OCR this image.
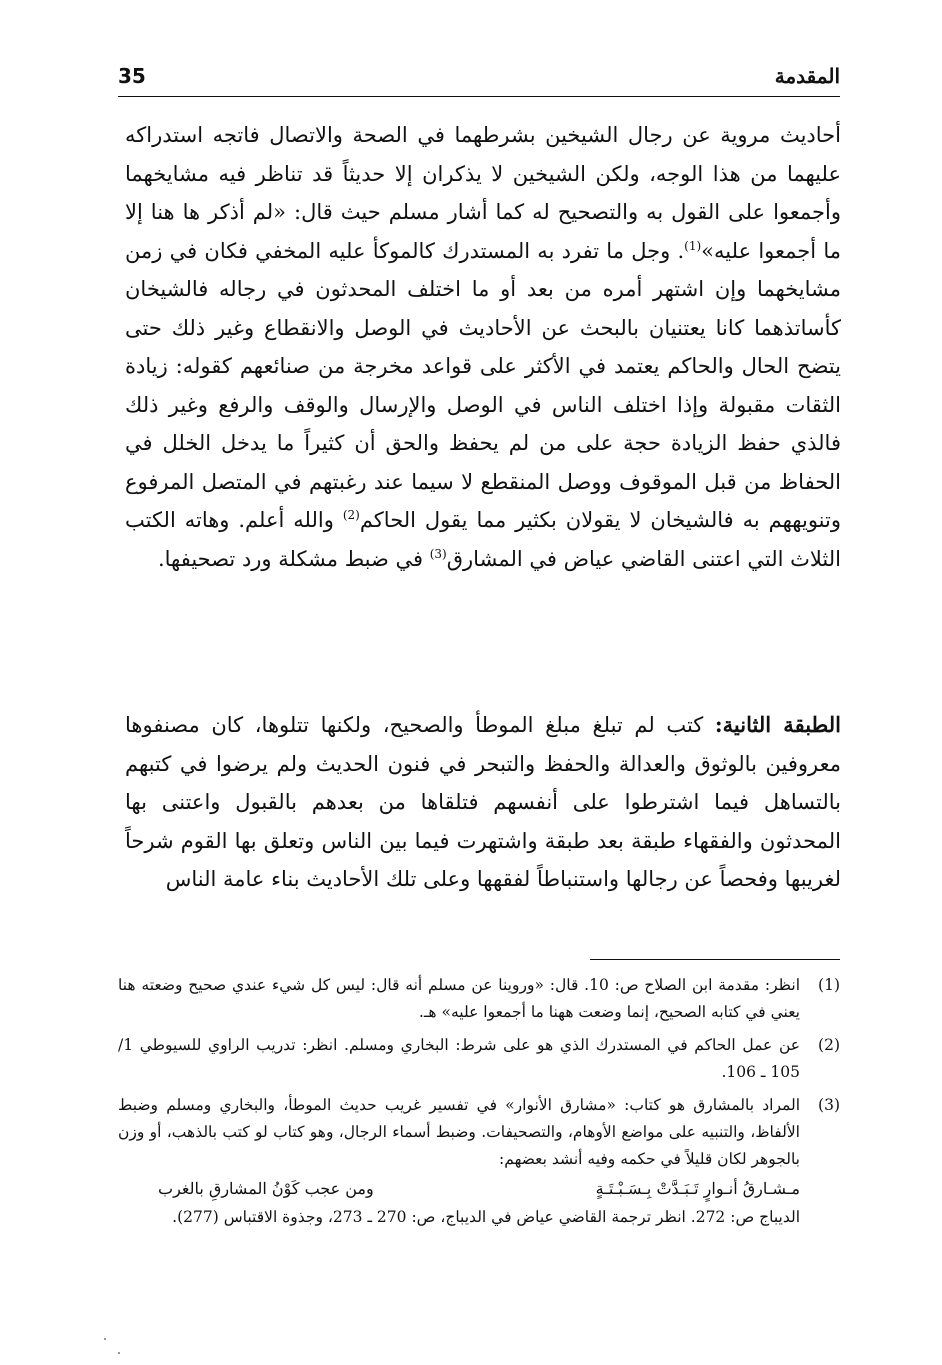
35	المقدمة
أحاديث مروية عن رجال الشيخين بشرطهما في الصحة والاتصال فاتجه استدراكه عليهما من هذا الوجه، ولكن الشيخين لا يذكران إلا حديثاً قد تناظر فيه مشايخهما وأجمعوا على القول به والتصحيح له كما أشار مسلم حيث قال: «لم أذكر ها هنا إلا ما أجمعوا عليه»$^{(1)}$. وجل ما تفرد به المستدرك كالموكأ عليه المخفي فكان في زمن مشايخهما وإن اشتهر أمره من بعد أو ما اختلف المحدثون في رجاله فالشيخان كأساتذهما كانا يعتنيان بالبحث عن الأحاديث في الوصل والانقطاع وغير ذلك حتى يتضح الحال والحاكم يعتمد في الأكثر على قواعد مخرجة من صنائعهم كقوله: زيادة الثقات مقبولة وإذا اختلف الناس في الوصل والإرسال والوقف والرفع وغير ذلك فالذي حفظ الزيادة حجة على من لم يحفظ والحق أن كثيراً ما يدخل الخلل في الحفاظ من قبل الموقوف ووصل المنقطع لا سيما عند رغبتهم في المتصل المرفوع وتنويههم به فالشيخان لا يقولان بكثير مما يقول الحاكم$^{(2)}$ والله أعلم. وهاته الكتب الثلاث التي اعتنى القاضي عياض في المشارق$^{(3)}$ في ضبط مشكلة ورد تصحيفها.
الطبقة الثانية: كتب لم تبلغ مبلغ الموطأ والصحيح، ولكنها تتلوها، كان مصنفوها معروفين بالوثوق والعدالة والحفظ والتبحر في فنون الحديث ولم يرضوا في كتبهم بالتساهل فيما اشترطوا على أنفسهم فتلقاها من بعدهم بالقبول واعتنى بها المحدثون والفقهاء طبقة بعد طبقة واشتهرت فيما بين الناس وتعلق بها القوم شرحاً لغريبها وفحصاً عن رجالها واستنباطاً لفقهها وعلى تلك الأحاديث بناء عامة الناس
(1)
انظر: مقدمة ابن الصلاح ص: 10. قال: «وروينا عن مسلم أنه قال: ليس كل شيء عندي صحيح وضعته هنا يعني في كتابه الصحيح، إنما وضعت ههنا ما أجمعوا عليه» هـ.
(2)
عن عمل الحاكم في المستدرك الذي هو على شرط: البخاري ومسلم. انظر: تدريب الراوي للسيوطي 1/ 105 ـ 106.
(3)
المراد بالمشارق هو كتاب: «مشارق الأنوار» في تفسير غريب حديث الموطأ، والبخاري ومسلم وضبط الألفاظ، والتنبيه على مواضع الأوهام، والتصحيفات. وضبط أسماء الرجال، وهو كتاب لو كتب بالذهب، أو وزن بالجوهر لكان قليلاً في حكمه وفيه أنشد بعضهم:
مـشـارقُ أنـوارٍ تَـبَـدَّتْ بِـسَـبْـتَـةٍ
ومن عجب كَوْنُ المشارقِ بالغرب
الديباج ص: 272. انظر ترجمة القاضي عياض في الديباج، ص: 270 ـ 273، وجذوة الاقتباس (277).
